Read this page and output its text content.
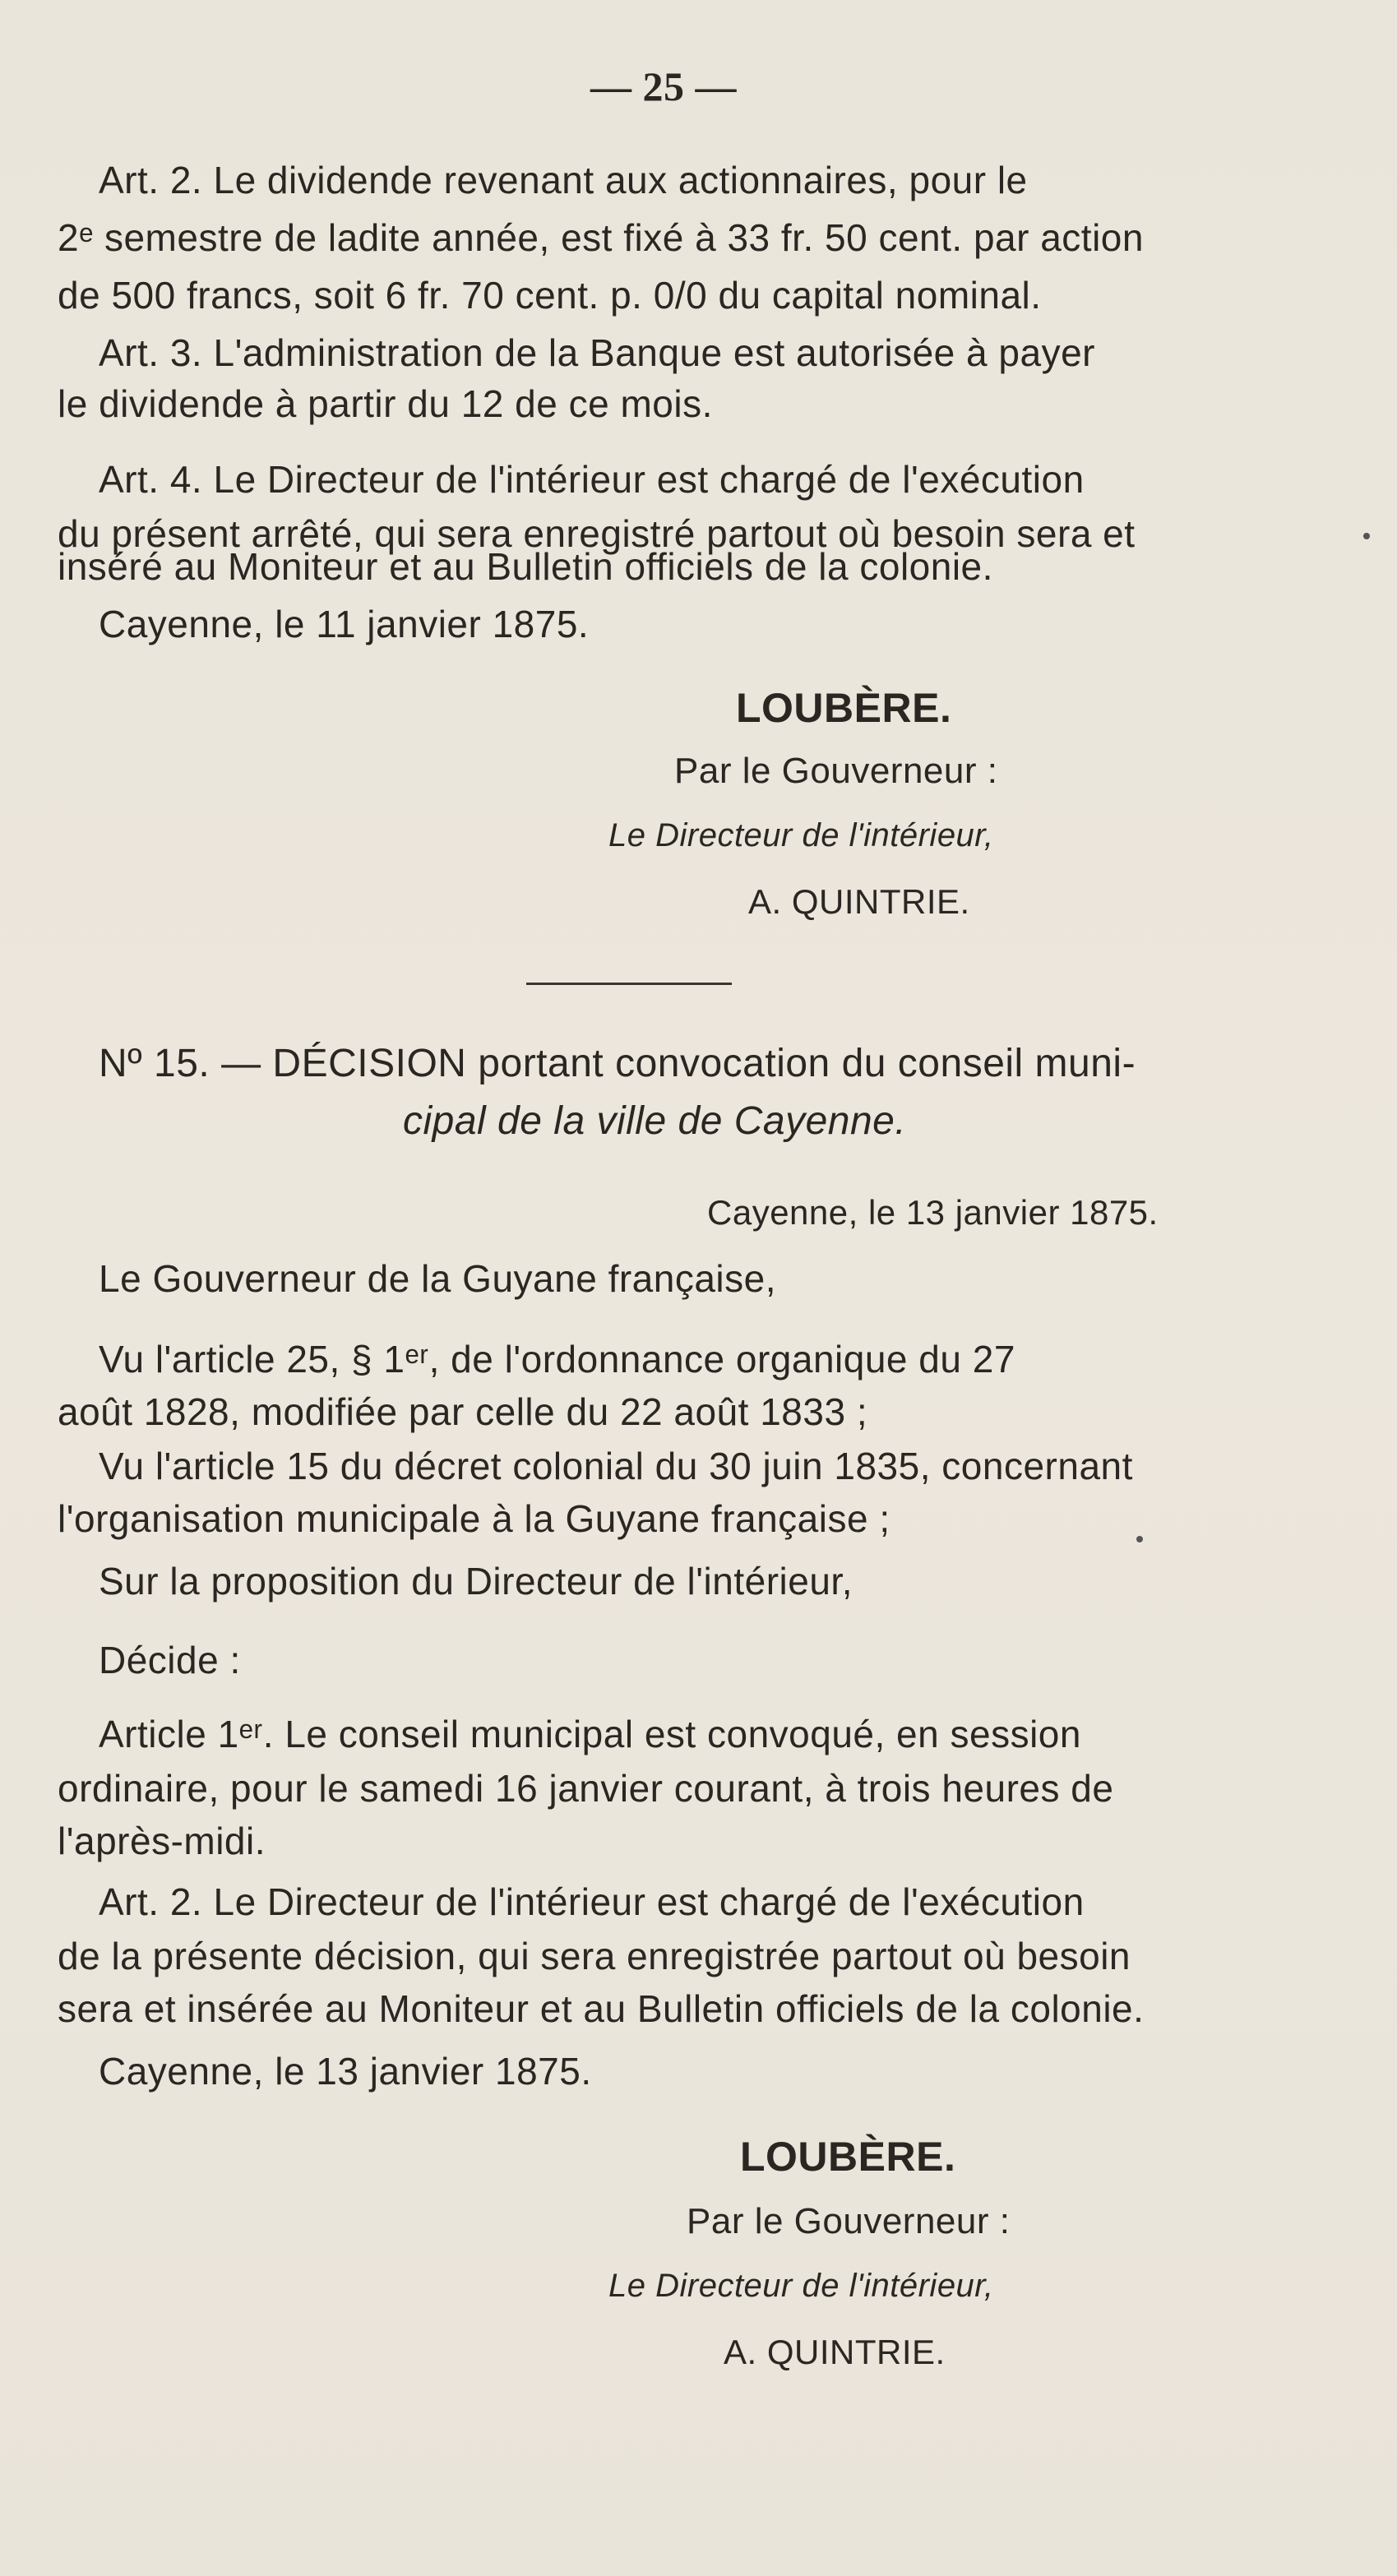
— 25 —
Art. 2. Le dividende revenant aux actionnaires, pour le
2ᵉ semestre de ladite année, est fixé à 33 fr. 50 cent. par action
de 500 francs, soit 6 fr. 70 cent. p. 0/0 du capital nominal.
Art. 3. L'administration de la Banque est autorisée à payer
le dividende à partir du 12 de ce mois.
Art. 4. Le Directeur de l'intérieur est chargé de l'exécution
du présent arrêté, qui sera enregistré partout où besoin sera et
inséré au Moniteur et au Bulletin officiels de la colonie.
Cayenne, le 11 janvier 1875.
LOUBÈRE.
Par le Gouverneur :
Le Directeur de l'intérieur,
A. QUINTRIE.
Nº 15. — DÉCISION portant convocation du conseil muni-
cipal de la ville de Cayenne.
Cayenne, le 13 janvier 1875.
Le Gouverneur de la Guyane française,
Vu l'article 25, § 1ᵉʳ, de l'ordonnance organique du 27
août 1828, modifiée par celle du 22 août 1833 ;
Vu l'article 15 du décret colonial du 30 juin 1835, concernant
l'organisation municipale à la Guyane française ;
Sur la proposition du Directeur de l'intérieur,
Décide :
Article 1ᵉʳ. Le conseil municipal est convoqué, en session
ordinaire, pour le samedi 16 janvier courant, à trois heures de
l'après-midi.
Art. 2. Le Directeur de l'intérieur est chargé de l'exécution
de la présente décision, qui sera enregistrée partout où besoin
sera et insérée au Moniteur et au Bulletin officiels de la colonie.
Cayenne, le 13 janvier 1875.
LOUBÈRE.
Par le Gouverneur :
Le Directeur de l'intérieur,
A. QUINTRIE.
